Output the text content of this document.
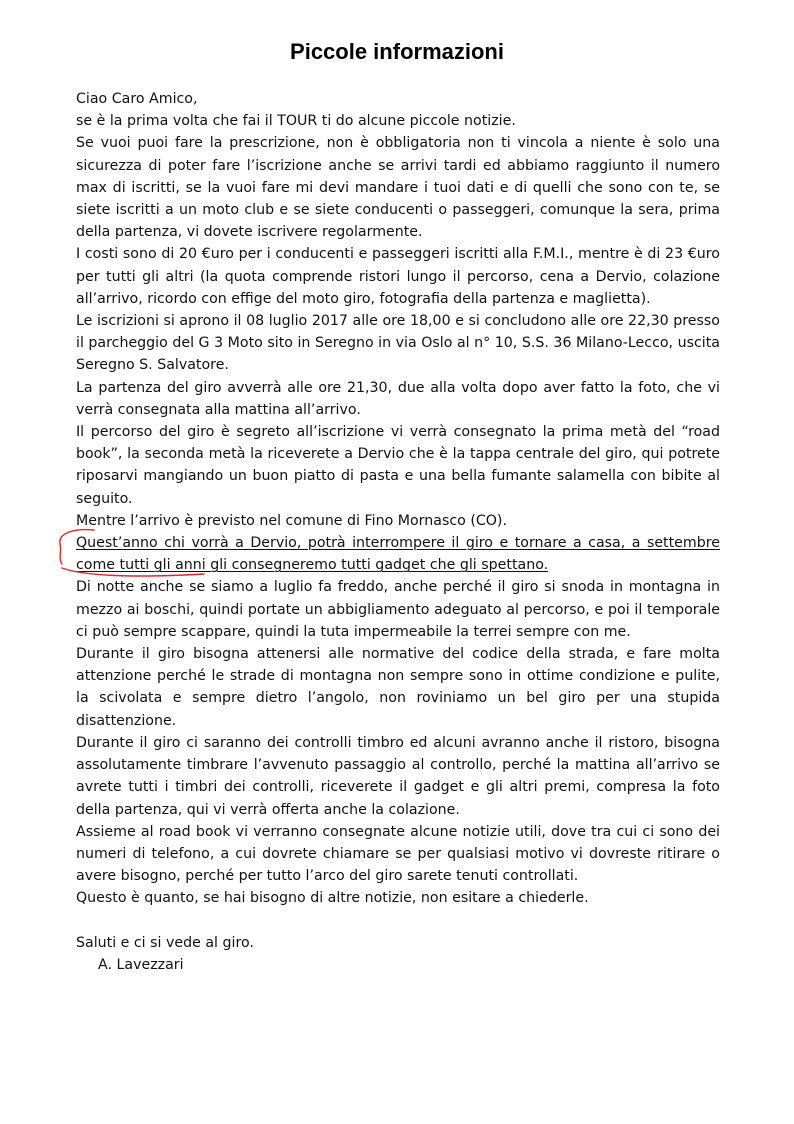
Piccole informazioni

Ciao Caro Amico,

se è la prima volta che fai il TOUR ti do alcune piccole notizie.

Se vuoi puoi fare la prescrizione, non è obbligatoria non ti vincola a niente è solo una sicurezza di poter fare l’iscrizione anche se arrivi tardi ed abbiamo raggiunto il numero max di iscritti, se la vuoi fare mi devi mandare i tuoi dati e di quelli che sono con te, se siete iscritti a un moto club e se siete conducenti o passeggeri, comunque la sera, prima della partenza, vi dovete iscrivere regolarmente.

I costi sono di 20 €uro per i conducenti e passeggeri iscritti alla F.M.I., mentre è di 23 €uro per tutti gli altri (la quota comprende ristori lungo il percorso, cena a Dervio, colazione all’arrivo, ricordo con effige del moto giro, fotografia della partenza e maglietta).

Le iscrizioni si aprono il 08 luglio 2017 alle ore 18,00 e si concludono alle ore 22,30 presso il parcheggio del G 3 Moto sito in Seregno in via Oslo al n° 10, S.S. 36 Milano-Lecco, uscita Seregno S. Salvatore.

La partenza del giro avverrà alle ore 21,30, due alla volta dopo aver fatto la foto, che vi verrà consegnata alla mattina all’arrivo.

Il percorso del giro è segreto all’iscrizione vi verrà consegnato la prima metà del “road book”, la seconda metà la riceverete a Dervio che è la tappa centrale del giro, qui potrete riposarvi mangiando un buon piatto di pasta e una bella fumante salamella con bibite al seguito.

Mentre l’arrivo è previsto nel comune di Fino Mornasco (CO).

Quest’anno chi vorrà a Dervio, potrà interrompere il giro e tornare a casa, a settembre come tutti gli anni gli consegneremo tutti gadget che gli spettano.

Di notte anche se siamo a luglio fa freddo, anche perché il giro si snoda in montagna in mezzo ai boschi, quindi portate un abbigliamento adeguato al percorso, e poi il temporale ci può sempre scappare, quindi la tuta impermeabile la terrei sempre con me.

Durante il giro bisogna attenersi alle normative del codice della strada, e fare molta attenzione perché le strade di montagna non sempre sono in ottime condizione e pulite, la scivolata e sempre dietro l’angolo, non roviniamo un bel giro per una stupida disattenzione.

Durante il giro ci saranno dei controlli timbro ed alcuni avranno anche il ristoro, bisogna assolutamente timbrare l’avvenuto passaggio al controllo, perché la mattina all’arrivo se avrete tutti i timbri dei controlli, riceverete il gadget e gli altri premi, compresa la foto della partenza, qui vi verrà offerta anche la colazione.

Assieme al road book vi verranno consegnate alcune notizie utili, dove tra cui ci sono dei numeri di telefono, a cui dovrete chiamare se per qualsiasi motivo vi dovreste ritirare o avere bisogno, perché per tutto l’arco del giro sarete tenuti controllati.

Questo è quanto, se hai bisogno di altre notizie, non esitare a chiederle.

Saluti e ci si vede al giro.

A. Lavezzari
